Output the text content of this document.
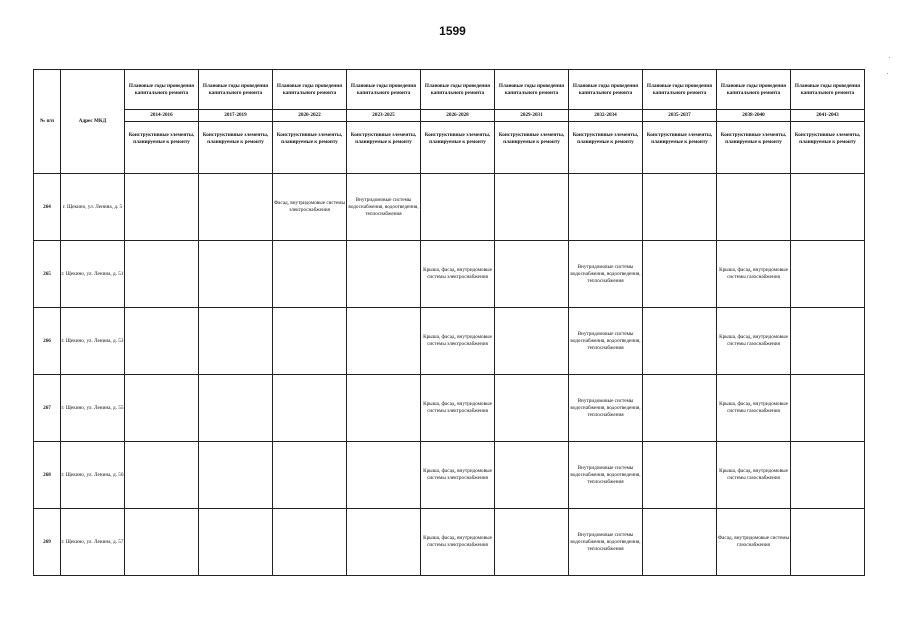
1599
№ п/п	Адрес МКД	Плановые годы проведения капитального ремонта	Плановые годы проведения капитального ремонта	Плановые годы проведения капитального ремонта	Плановые годы проведения капитального ремонта	Плановые годы проведения капитального ремонта	Плановые годы проведения капитального ремонта	Плановые годы проведения капитального ремонта	Плановые годы проведения капитального ремонта	Плановые годы проведения капитального ремонта	Плановые годы проведения капитального ремонта
		2014-2016	2017-2019	2020-2022	2023-2025	2026-2028	2029-2031	2032-2034	2035-2037	2038-2040	2041-2043
		Конструктивные элементы, планируемые к ремонту	Конструктивные элементы, планируемые к ремонту	Конструктивные элементы, планируемые к ремонту	Конструктивные элементы, планируемые к ремонту	Конструктивные элементы, планируемые к ремонту	Конструктивные элементы, планируемые к ремонту	Конструктивные элементы, планируемые к ремонту	Конструктивные элементы, планируемые к ремонту	Конструктивные элементы, планируемые к ремонту	Конструктивные элементы, планируемые к ремонту
264	г. Щекино, ул. Ленина, д. 5			Фасад, внутридомовые системы электроснабжения	Внутридомовые системы водоснабжения, водоотведения, теплоснабжения						
265	г. Щекино, ул. Ленина, д. 51					Крыша, фасад, внутридомовые системы электроснабжения		Внутридомовые системы водоснабжения, водоотведения, теплоснабжения		Крыша, фасад, внутридомовые системы газоснабжения	
266	г. Щекино, ул. Ленина, д. 53					Крыша, фасад, внутридомовые системы электроснабжения		Внутридомовые системы водоснабжения, водоотведения, теплоснабжения		Крыша, фасад, внутридомовые системы газоснабжения	
267	г. Щекино, ул. Ленина, д. 55					Крыша, фасад, внутридомовые системы электроснабжения		Внутридомовые системы водоснабжения, водоотведения, теплоснабжения		Крыша, фасад, внутридомовые системы газоснабжения	
268	г. Щекино, ул. Ленина, д. 56					Крыша, фасад, внутридомовые системы электроснабжения		Внутридомовые системы водоснабжения, водоотведения, теплоснабжения		Крыша, фасад, внутридомовые системы газоснабжения	
269	г. Щекино, ул. Ленина, д. 57					Крыша, фасад, внутридомовые системы электроснабжения		Внутридомовые системы водоснабжения, водоотведения, теплоснабжения		Фасад, внутридомовые системы газоснабжения	
